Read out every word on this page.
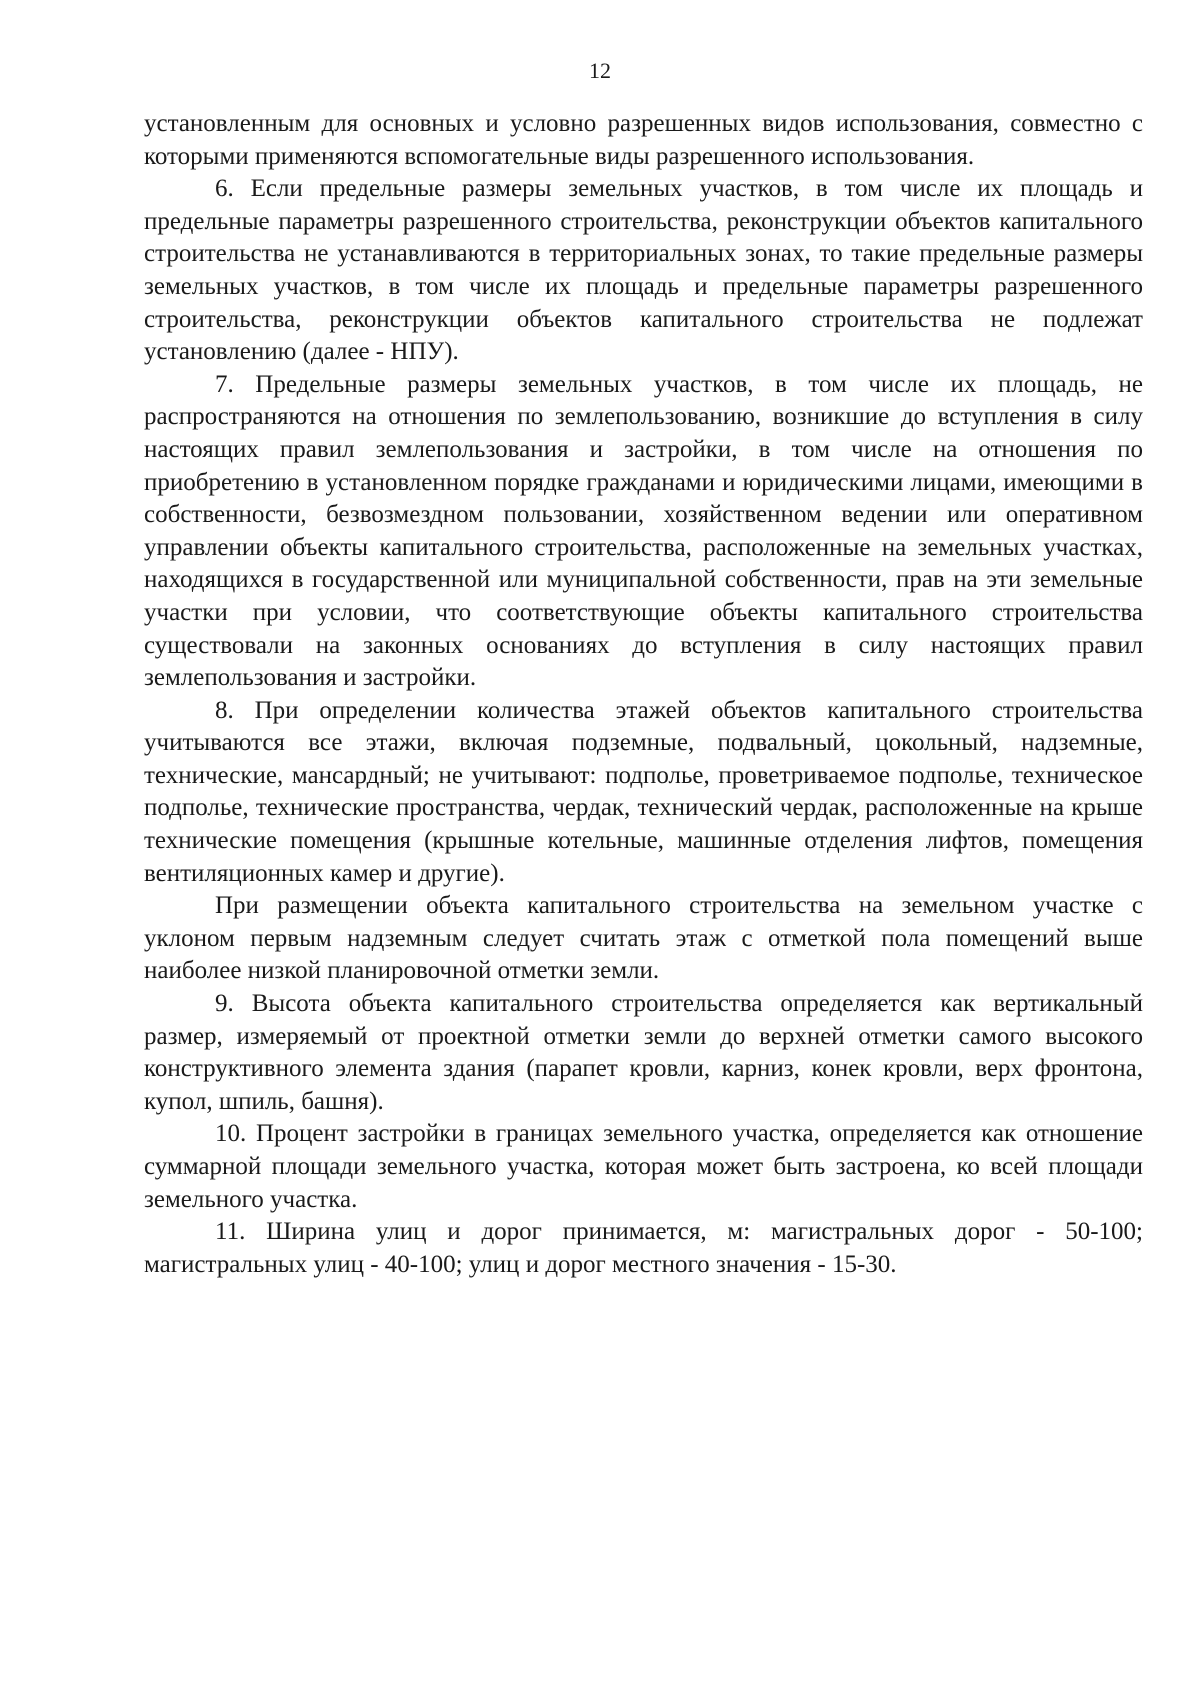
12

установленным для основных и условно разрешенных видов использования, совместно с которыми применяются вспомогательные виды разрешенного использования.

6. Если предельные размеры земельных участков, в том числе их площадь и предельные параметры разрешенного строительства, реконструкции объектов капитального строительства не устанавливаются в территориальных зонах, то такие предельные размеры земельных участков, в том числе их площадь и предельные параметры разрешенного строительства, реконструкции объектов капитального строительства не подлежат установлению (далее - НПУ).

7. Предельные размеры земельных участков, в том числе их площадь, не распространяются на отношения по землепользованию, возникшие до вступления в силу настоящих правил землепользования и застройки, в том числе на отношения по приобретению в установленном порядке гражданами и юридическими лицами, имеющими в собственности, безвозмездном пользовании, хозяйственном ведении или оперативном управлении объекты капитального строительства, расположенные на земельных участках, находящихся в государственной или муниципальной собственности, прав на эти земельные участки при условии, что соответствующие объекты капитального строительства существовали на законных основаниях до вступления в силу настоящих правил землепользования и застройки.

8. При определении количества этажей объектов капитального строительства учитываются все этажи, включая подземные, подвальный, цокольный, надземные, технические, мансардный; не учитывают: подполье, проветриваемое подполье, техническое подполье, технические пространства, чердак, технический чердак, расположенные на крыше технические помещения (крышные котельные, машинные отделения лифтов, помещения вентиляционных камер и другие).

При размещении объекта капитального строительства на земельном участке с уклоном первым надземным следует считать этаж с отметкой пола помещений выше наиболее низкой планировочной отметки земли.

9. Высота объекта капитального строительства определяется как вертикальный размер, измеряемый от проектной отметки земли до верхней отметки самого высокого конструктивного элемента здания (парапет кровли, карниз, конек кровли, верх фронтона, купол, шпиль, башня).

10. Процент застройки в границах земельного участка, определяется как отношение суммарной площади земельного участка, которая может быть застроена, ко всей площади земельного участка.

11. Ширина улиц и дорог принимается, м: магистральных дорог - 50-100; магистральных улиц - 40-100; улиц и дорог местного значения - 15-30.
